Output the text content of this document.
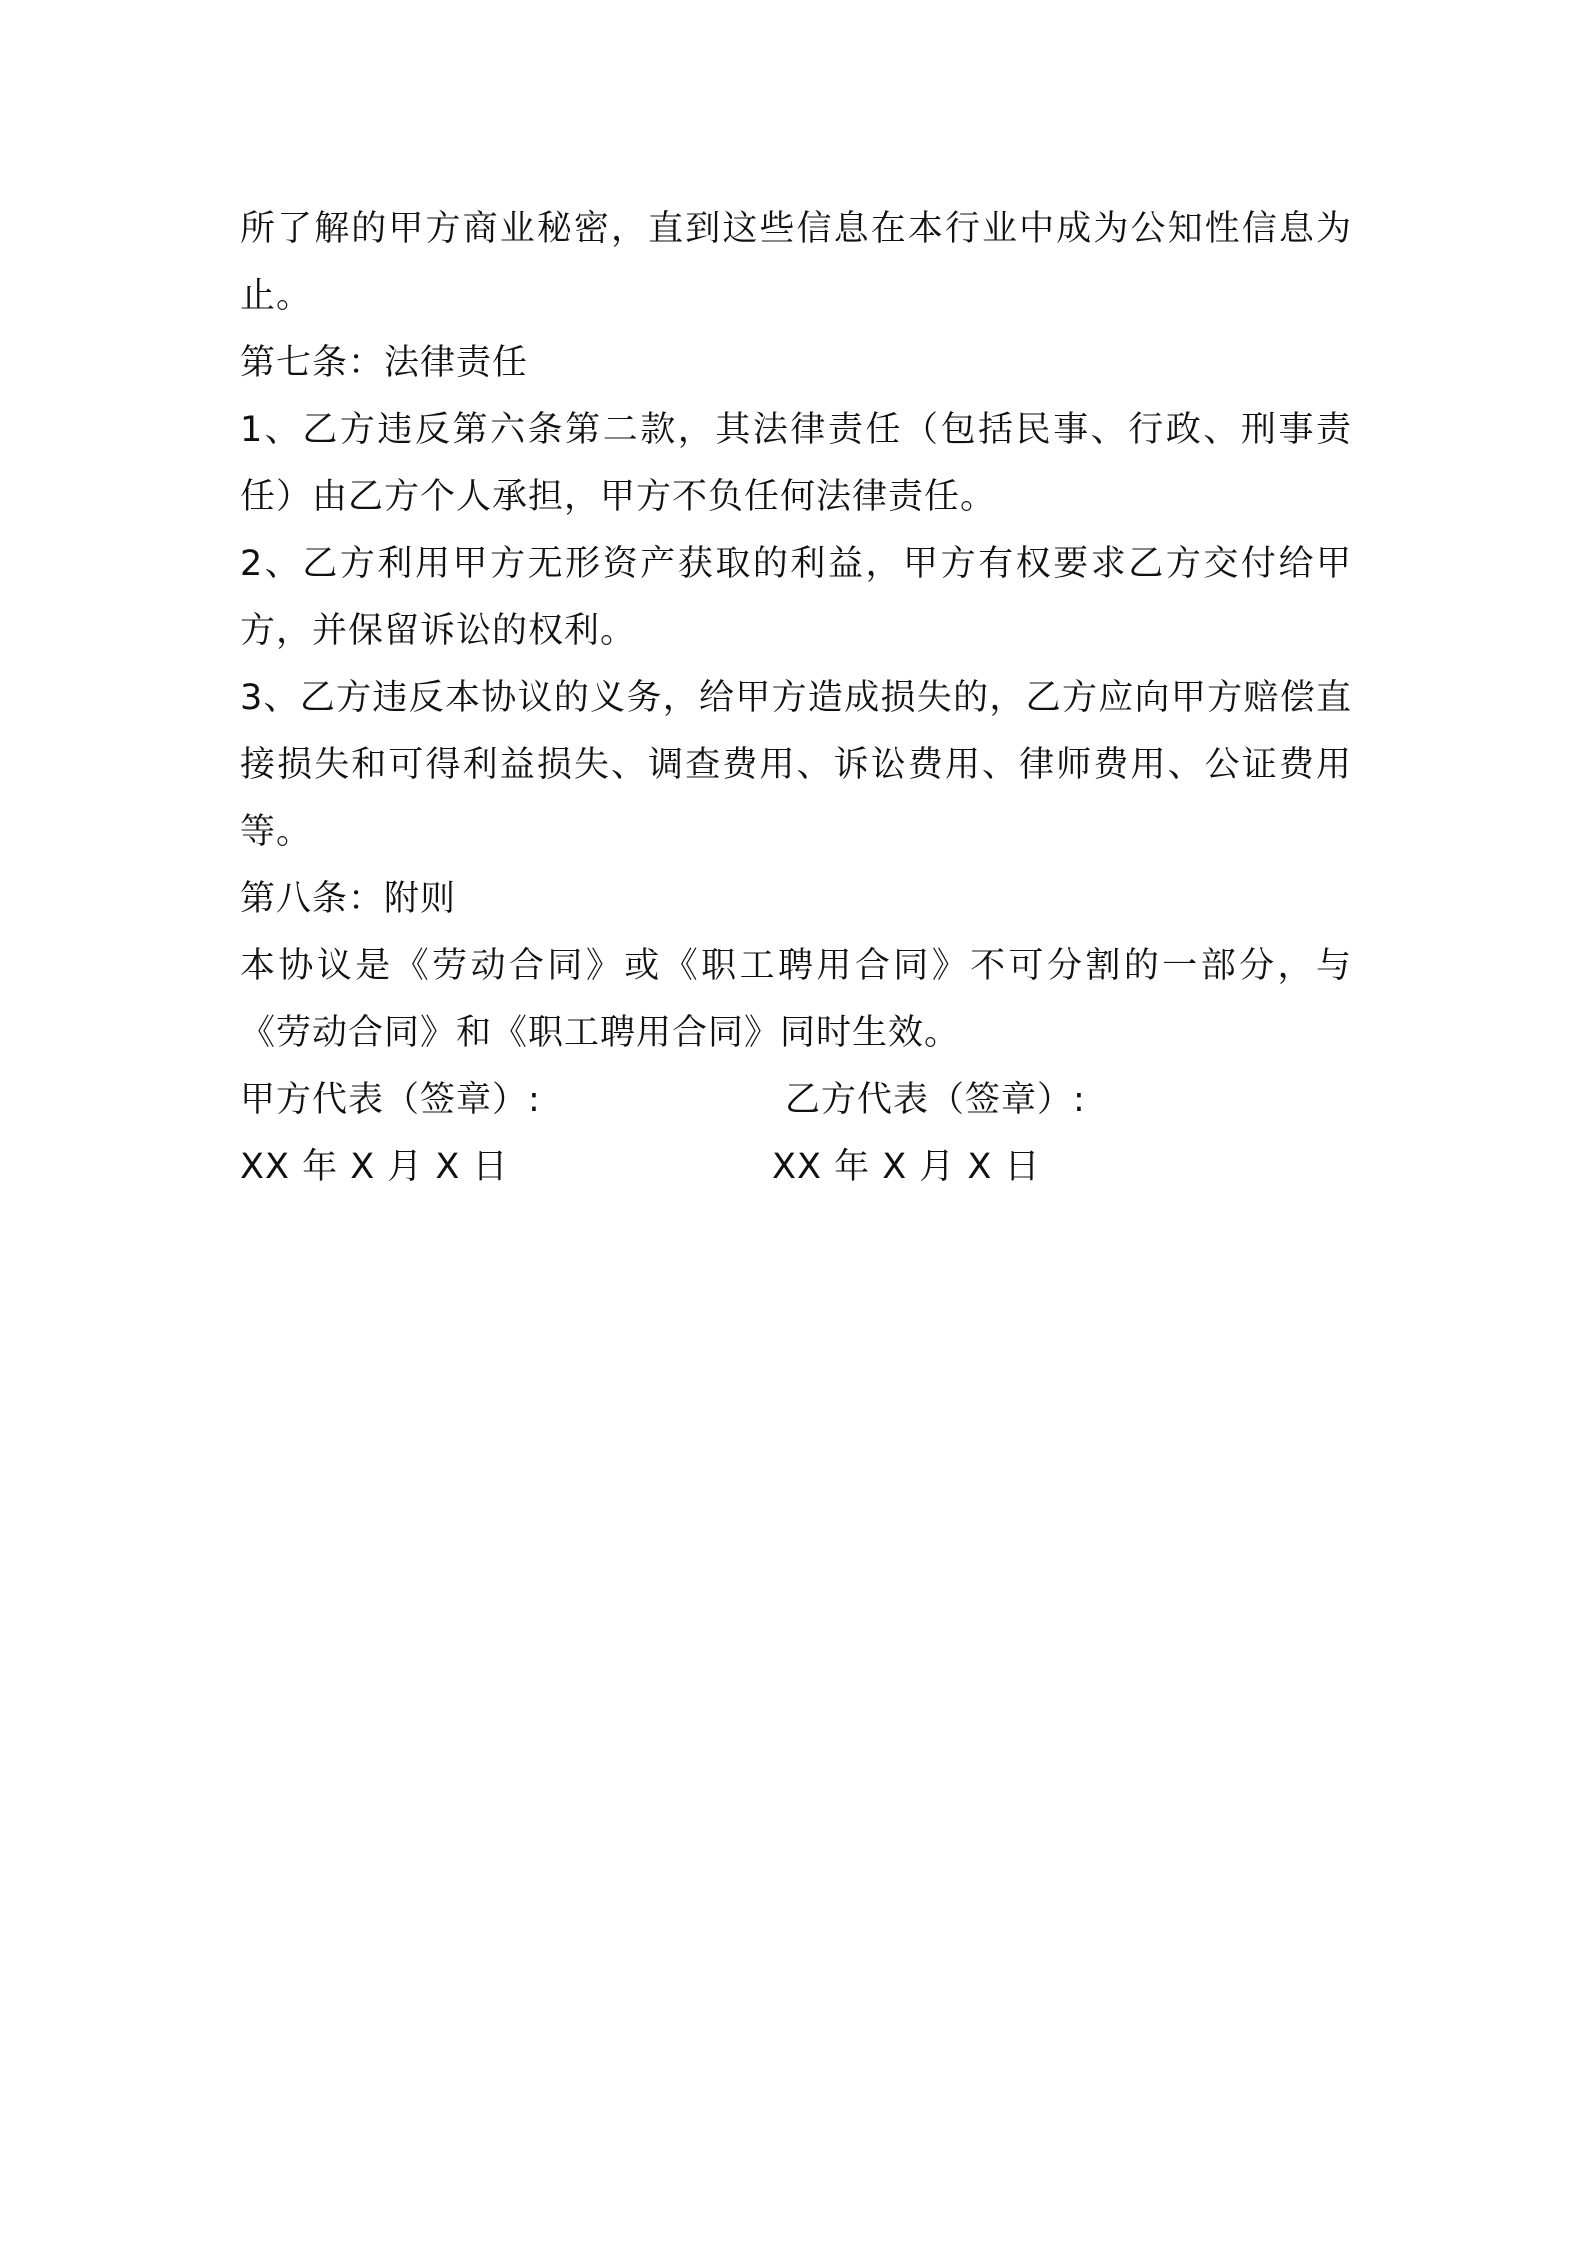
所了解的甲方商业秘密，直到这些信息在本行业中成为公知性信息为止。

第七条：法律责任

1、乙方违反第六条第二款，其法律责任（包括民事、行政、刑事责任）由乙方个人承担，甲方不负任何法律责任。

2、乙方利用甲方无形资产获取的利益，甲方有权要求乙方交付给甲方，并保留诉讼的权利。

3、乙方违反本协议的义务，给甲方造成损失的，乙方应向甲方赔偿直接损失和可得利益损失、调查费用、诉讼费用、律师费用、公证费用等。

第八条：附则

本协议是《劳动合同》或《职工聘用合同》不可分割的一部分，与《劳动合同》和《职工聘用合同》同时生效。

甲方代表（签章）:	乙方代表（签章）:
XX 年 X 月 X 日	XX 年 X 月 X 日
